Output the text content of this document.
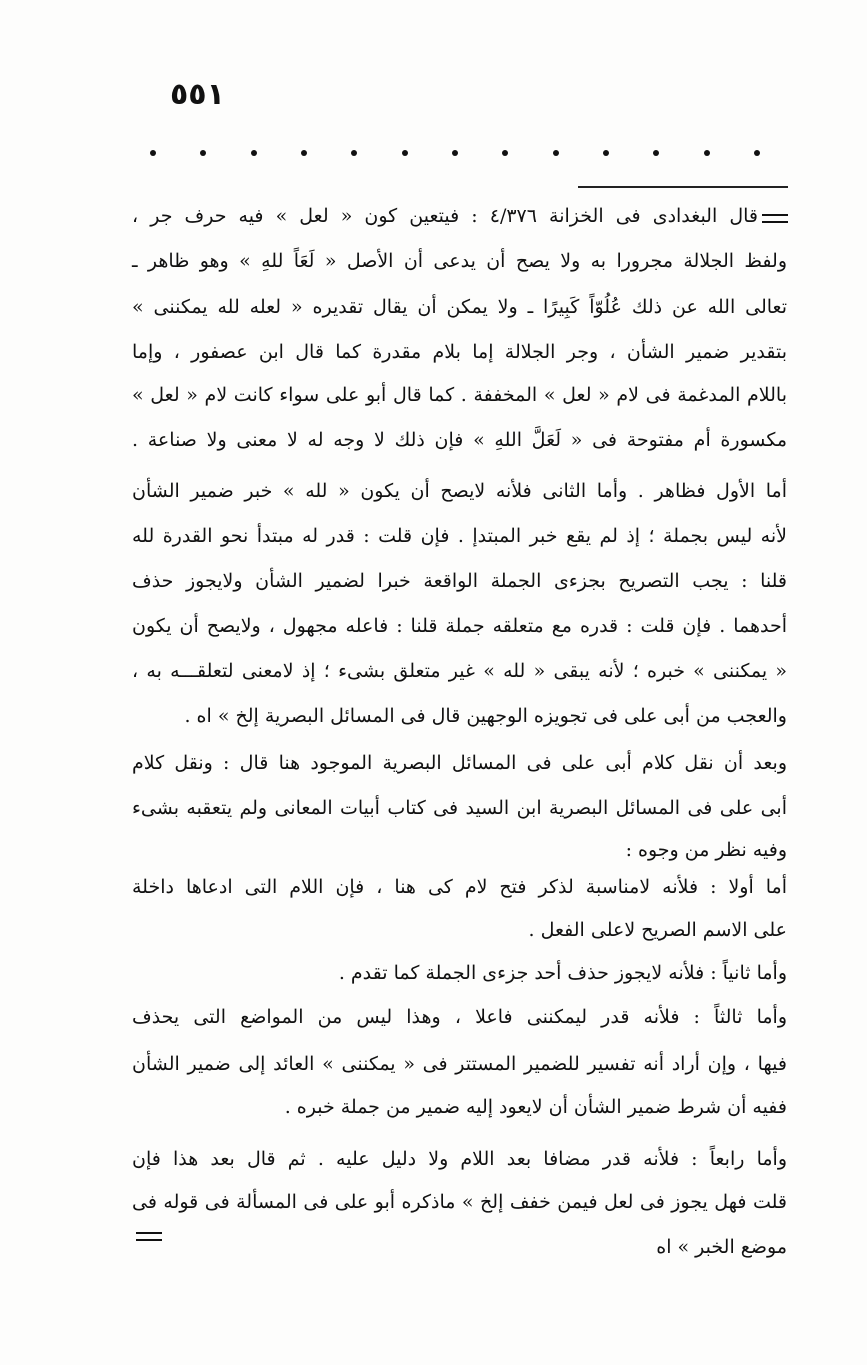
٥٥١
قال البغدادى فى الخزانة ٤/٣٧٦ : فيتعين كون « لعل » فيه حرف جر ،
ولفظ الجلالة مجرورا به ولا يصح أن يدعى أن الأصل « لَعَاً للهِ » وهو ظاهر ـ
تعالى الله عن ذلك عُلُوّاً كَبِيرًا ـ ولا يمكن أن يقال تقديره « لعله لله يمكننى »
بتقدير ضمير الشأن ، وجر الجلالة إما بلام مقدرة كما قال ابن عصفور ، وإما
باللام المدغمة فى لام « لعل » المخففة . كما قال أبو على سواء كانت لام « لعل »
مكسورة أم مفتوحة فى « لَعَلَّ اللهِ » فإن ذلك لا وجه له لا معنى ولا صناعة .
أما الأول فظاهر . وأما الثانى فلأنه لايصح أن يكون « لله » خبر ضمير الشأن
لأنه ليس بجملة ؛ إذ لم يقع خبر المبتدإ . فإن قلت : قدر له مبتدأ نحو القدرة لله
قلنا : يجب التصريح بجزءى الجملة الواقعة خبرا لضمير الشأن ولايجوز حذف
أحدهما . فإن قلت : قدره مع متعلقه جملة قلنا : فاعله مجهول ، ولايصح أن يكون
« يمكننى » خبره ؛ لأنه يبقى « لله » غير متعلق بشىء ؛ إذ لامعنى لتعلقـــه به ،
والعجب من أبى على فى تجويزه الوجهين قال فى المسائل البصرية إلخ » اه .
وبعد أن نقل كلام أبى على فى المسائل البصرية الموجود هنا قال : ونقل كلام
أبى على فى المسائل البصرية ابن السيد فى كتاب أبيات المعانى ولم يتعقبه بشىء
وفيه نظر من وجوه :
أما أولا : فلأنه لامناسبة لذكر فتح لام كى هنا ، فإن اللام التى ادعاها داخلة
على الاسم الصريح لاعلى الفعل .
وأما ثانياً : فلأنه لايجوز حذف أحد جزءى الجملة كما تقدم .
وأما ثالثاً : فلأنه قدر ليمكننى فاعلا ، وهذا ليس من المواضع التى يحذف
فيها ، وإن أراد أنه تفسير للضمير المستتر فى « يمكننى » العائد إلى ضمير الشأن
ففيه أن شرط ضمير الشأن أن لايعود إليه ضمير من جملة خبره .
وأما رابعاً : فلأنه قدر مضافا بعد اللام ولا دليل عليه . ثم قال بعد هذا فإن
قلت فهل يجوز فى لعل فيمن خفف إلخ » ماذكره أبو على فى المسألة فى قوله فى
موضع الخبر » اه
